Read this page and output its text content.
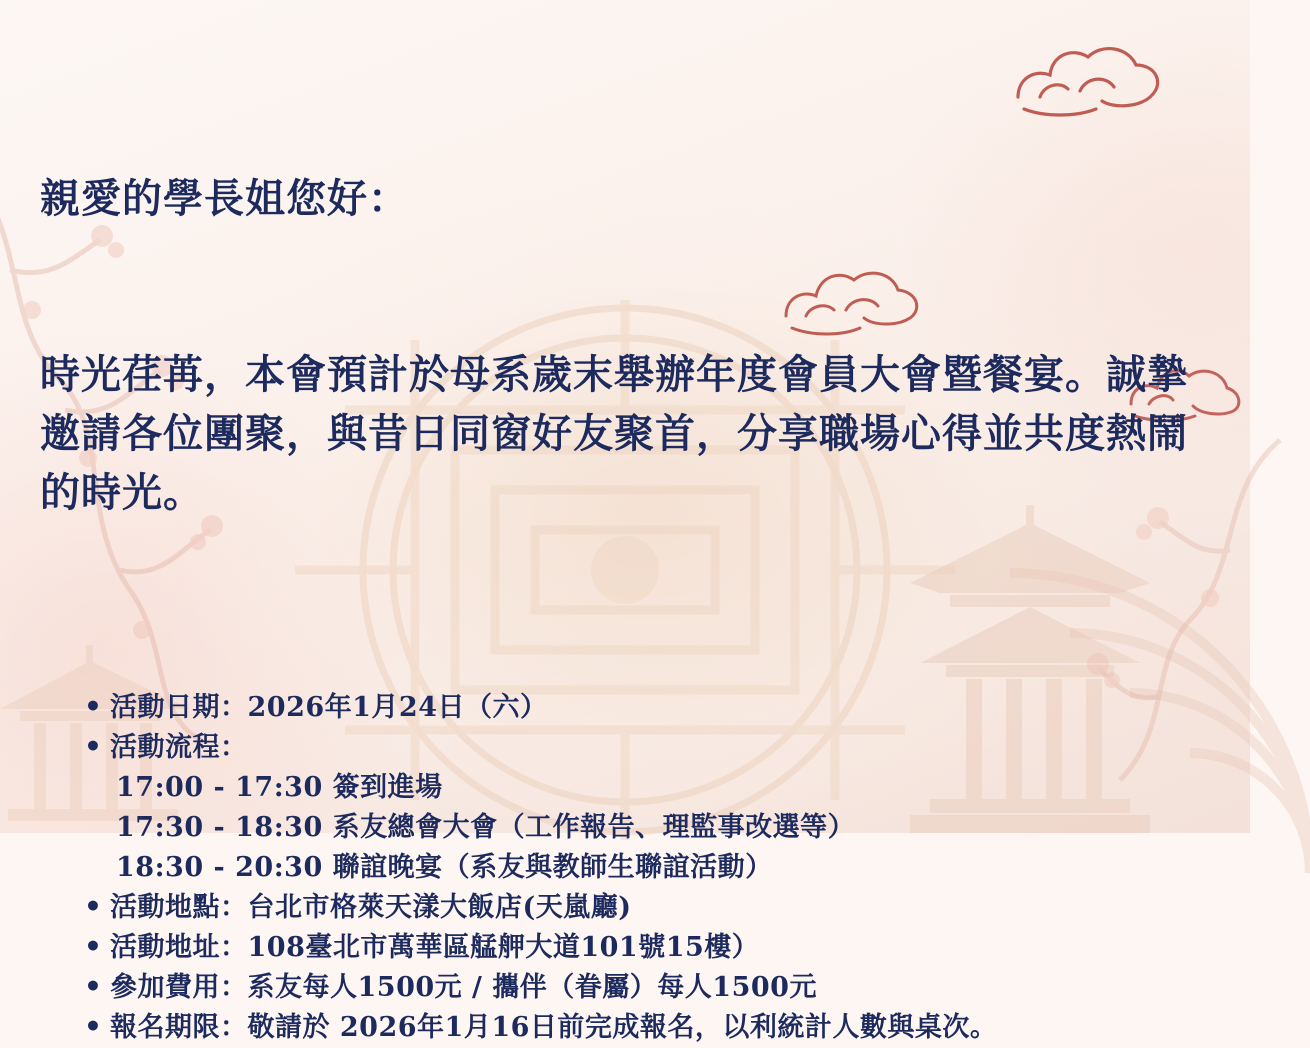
親愛的學長姐您好：

時光荏苒，本會預計於母系歲末舉辦年度會員大會暨餐宴。誠摯邀請各位團聚，與昔日同窗好友聚首，分享職場心得並共度熱鬧的時光。

• 活動日期：2026年1月24日（六）
• 活動流程：
17:00 - 17:30 簽到進場
17:30 - 18:30 系友總會大會（工作報告、理監事改選等）
18:30 - 20:30 聯誼晚宴（系友與教師生聯誼活動）
• 活動地點：台北市格萊天漾大飯店(天嵐廳)
• 活動地址：108臺北市萬華區艋舺大道101號15樓）
• 參加費用：系友每人1500元 / 攜伴（眷屬）每人1500元
• 報名期限：敬請於 2026年1月16日前完成報名，以利統計人數與桌次。
